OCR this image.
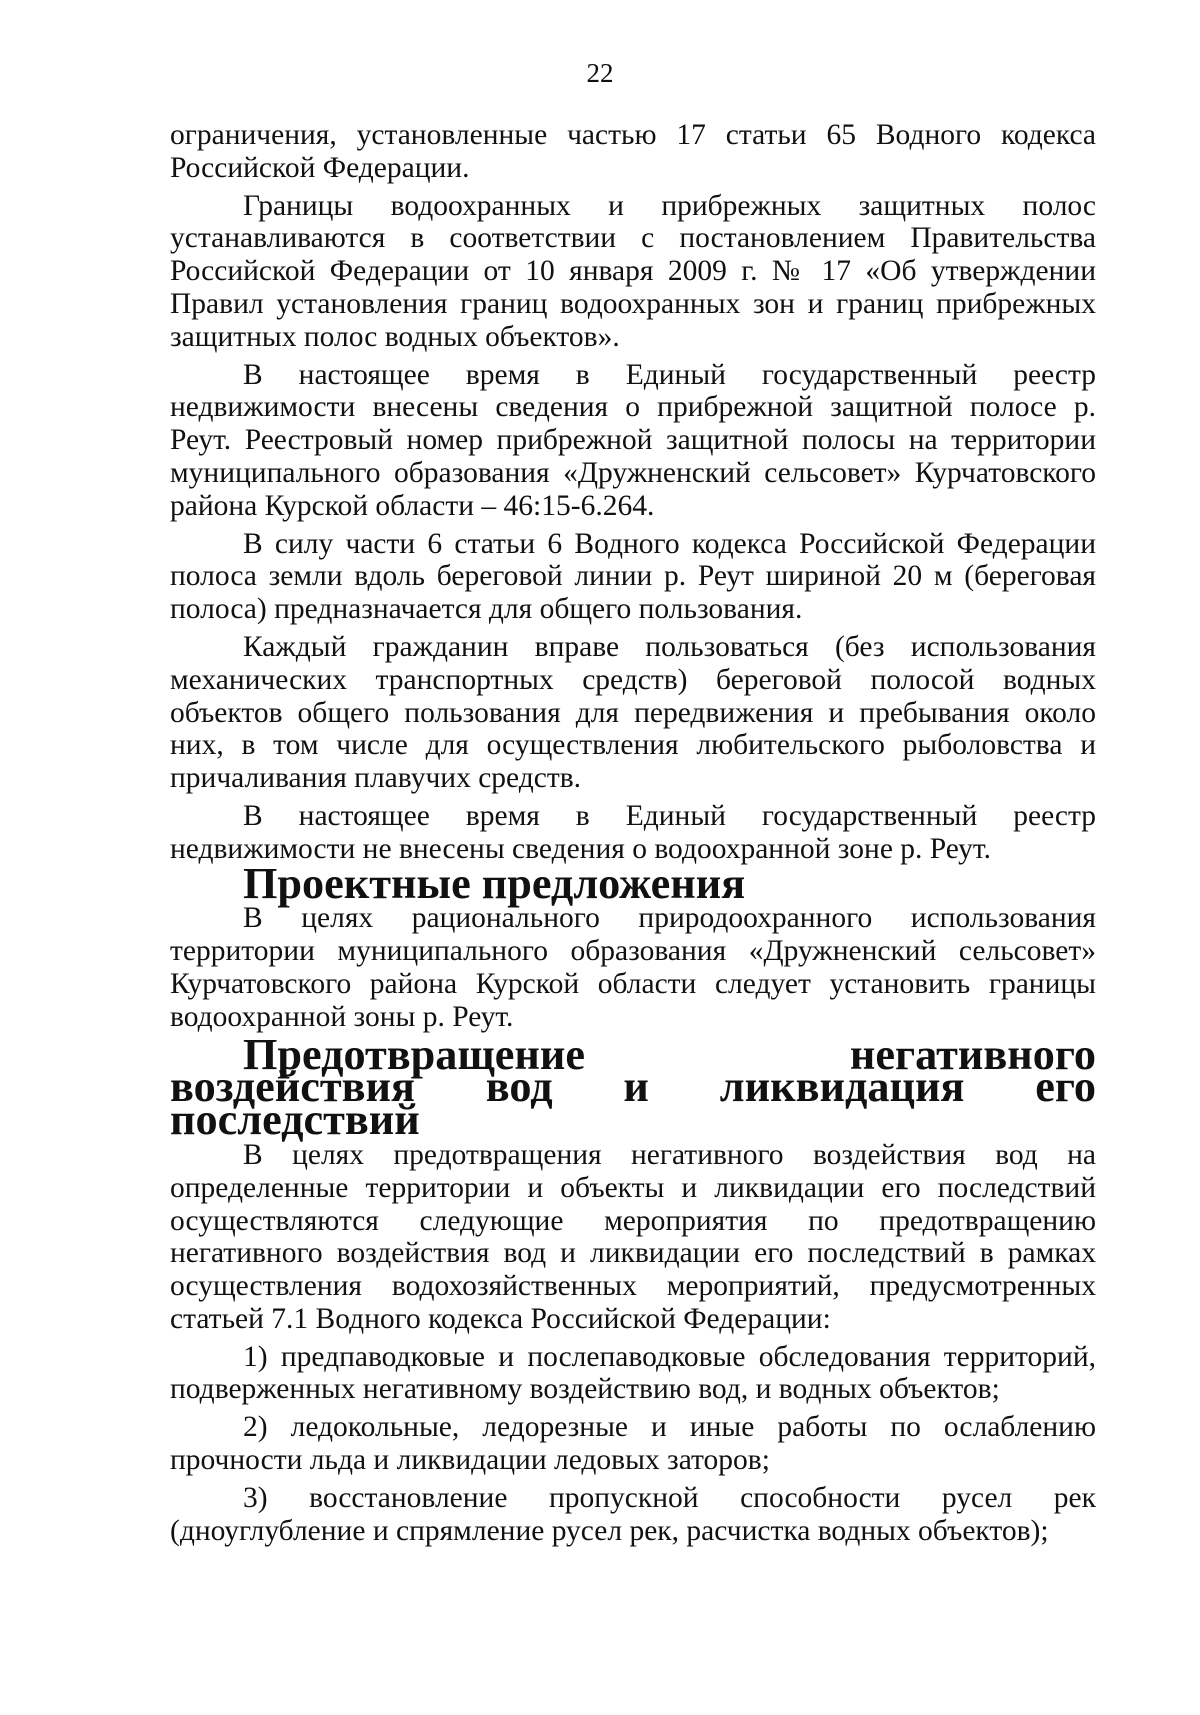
22

ограничения, установленные частью 17 статьи 65 Водного кодекса Российской Федерации.

Границы водоохранных и прибрежных защитных полос устанавливаются в соответствии с постановлением Правительства Российской Федерации от 10 января 2009 г. № 17 «Об утверждении Правил установления границ водоохранных зон и границ прибрежных защитных полос водных объектов».

В настоящее время в Единый государственный реестр недвижимости внесены сведения о прибрежной защитной полосе р. Реут. Реестровый номер прибрежной защитной полосы на территории муниципального образования «Дружненский сельсовет» Курчатовского района Курской области – 46:15-6.264.

В силу части 6 статьи 6 Водного кодекса Российской Федерации полоса земли вдоль береговой линии р. Реут шириной 20 м (береговая полоса) предназначается для общего пользования.

Каждый гражданин вправе пользоваться (без использования механических транспортных средств) береговой полосой водных объектов общего пользования для передвижения и пребывания около них, в том числе для осуществления любительского рыболовства и причаливания плавучих средств.

В настоящее время в Единый государственный реестр недвижимости не внесены сведения о водоохранной зоне р. Реут.

Проектные предложения

В целях рационального природоохранного использования территории муниципального образования «Дружненский сельсовет» Курчатовского района Курской области следует установить границы водоохранной зоны р. Реут.

Предотвращение негативного воздействия вод и ликвидация его последствий

В целях предотвращения негативного воздействия вод на определенные территории и объекты и ликвидации его последствий осуществляются следующие мероприятия по предотвращению негативного воздействия вод и ликвидации его последствий в рамках осуществления водохозяйственных мероприятий, предусмотренных статьей 7.1 Водного кодекса Российской Федерации:

1) предпаводковые и послепаводковые обследования территорий, подверженных негативному воздействию вод, и водных объектов;

2) ледокольные, ледорезные и иные работы по ослаблению прочности льда и ликвидации ледовых заторов;

3) восстановление пропускной способности русел рек (дноуглубление и спрямление русел рек, расчистка водных объектов);
